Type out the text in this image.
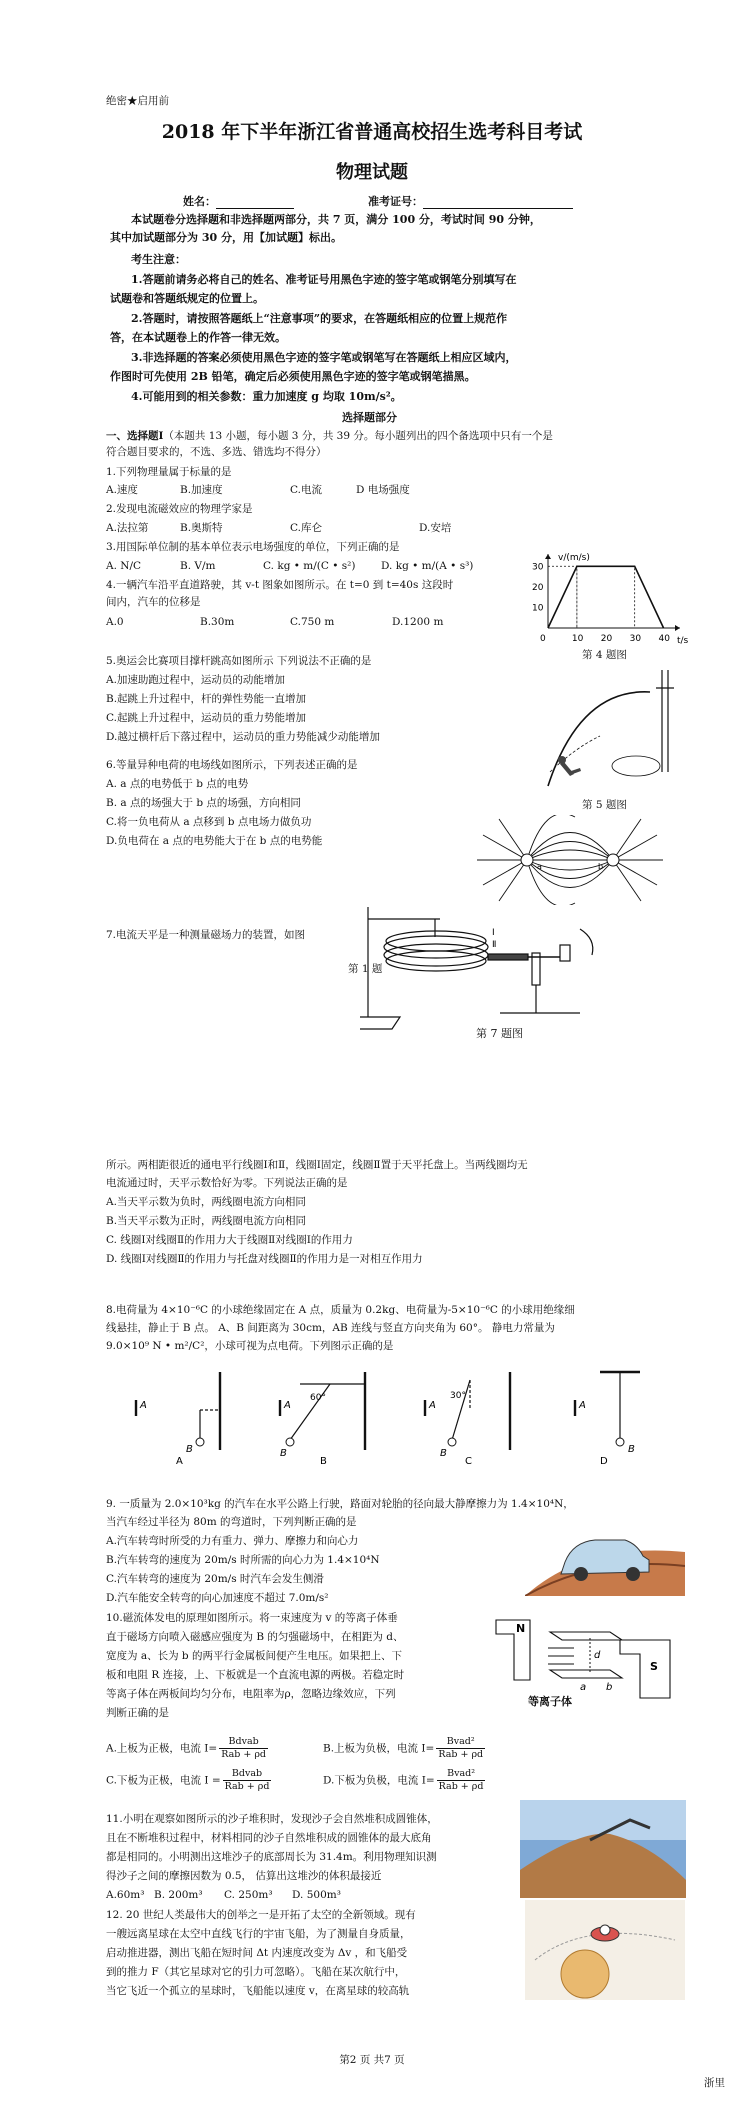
绝密★启用前
2018 年下半年浙江省普通高校招生选考科目考试
物理试题
姓名：	准考证号：
本试题卷分选择题和非选择题两部分，共 7 页，满分 100 分，考试时间 90 分钟，
其中加试题部分为 30 分，用【加试题】标出。
考生注意：
1.答题前请务必将自己的姓名、准考证号用黑色字迹的签字笔或钢笔分别填写在
试题卷和答题纸规定的位置上。
2.答题时，请按照答题纸上“注意事项”的要求，在答题纸相应的位置上规范作
答，在本试题卷上的作答一律无效。
3.非选择题的答案必须使用黑色字迹的签字笔或钢笔写在答题纸上相应区域内，
作图时可先使用 2B 铅笔，确定后必须使用黑色字迹的签字笔或钢笔描黑。
4.可能用到的相关参数：重力加速度 g 均取 10m/s²。
选择题部分
一、选择题Ⅰ（本题共 13 小题，每小题 3 分，共 39 分。每小题列出的四个备选项中只有一个是
符合题目要求的，不选、多选、错选均不得分）
1.下列物理量属于标量的是
A.速度	B.加速度	C.电流	D 电场强度
2.发现电流磁效应的物理学家是
A.法拉第	B.奥斯特	C.库仑	D.安培
3.用国际单位制的基本单位表示电场强度的单位，下列正确的是
A. N/C	B. V/m	C. kg • m/(C • s²) D. kg • m/(A • s³)
4.一辆汽车沿平直道路驶，其 v-t 图象如图所示。在 t=0 到 t=40s 这段时
间内，汽车的位移是
A.0	B.30m	C.750 m	D.1200 m
v/(m/s)
t/s
0
30
20
10
10 20 30 40
第 4 题图
5.奥运会比赛项目撑杆跳高如图所示 下列说法不正确的是
A.加速助跑过程中，运动员的动能增加
B.起跳上升过程中，杆的弹性势能一直增加
C.起跳上升过程中，运动员的重力势能增加
D.越过横杆后下落过程中，运动员的重力势能减少动能增加
第 5 题图
6.等量异种电荷的电场线如图所示，下列表述正确的是
A. a 点的电势低于 b 点的电势
B. a 点的场强大于 b 点的场强，方向相同
C.将一负电荷从 a 点移到 b 点电场力做负功
D.负电荷在 a 点的电势能大于在 b 点的电势能
a	b
7.电流天平是一种测量磁场力的装置，如图
第 1 题
Ⅰ
Ⅱ
第 7 题图
所示。两相距很近的通电平行线圈Ⅰ和Ⅱ，线圈Ⅰ固定，线圈Ⅱ置于天平托盘上。当两线圈均无
电流通过时，天平示数恰好为零。下列说法正确的是
A.当天平示数为负时，两线圈电流方向相同
B.当天平示数为正时，两线圈电流方向相同
C. 线圈Ⅰ对线圈Ⅱ的作用力大于线圈Ⅱ对线圈Ⅰ的作用力
D. 线圈Ⅰ对线圈Ⅱ的作用力与托盘对线圈Ⅱ的作用力是一对相互作用力
8.电荷量为 4×10⁻⁶C 的小球绝缘固定在 A 点，质量为 0.2kg、电荷量为-5×10⁻⁶C 的小球用绝缘细
线悬挂，静止于 B 点。 A、B 间距离为 30cm，AB 连线与竖直方向夹角为 60°。 静电力常量为
9.0×10⁹ N • m²/C²，小球可视为点电荷。下列图示正确的是
A
B
A
B
A
B
A
B
60°	30°
A	B	C	D
9. 一质量为 2.0×10³kg 的汽车在水平公路上行驶，路面对轮胎的径向最大静摩擦力为 1.4×10⁴N，
当汽车经过半径为 80m 的弯道时，下列判断正确的是
A.汽车转弯时所受的力有重力、弹力、摩擦力和向心力
B.汽车转弯的速度为 20m/s 时所需的向心力为 1.4×10⁴N
C.汽车转弯的速度为 20m/s 时汽车会发生侧滑
D.汽车能安全转弯的向心加速度不超过 7.0m/s²
10.磁流体发电的原理如图所示。将一束速度为 v 的等离子体垂
直于磁场方向喷入磁感应强度为 B 的匀强磁场中，在相距为 d、
宽度为 a、长为 b 的两平行金属板间便产生电压。如果把上、下
板和电阻 R 连接，上、下板就是一个直流电源的两极。若稳定时
等离子体在两板间均匀分布，电阻率为ρ，忽略边缘效应，下列
判断正确的是
N
S
d
a b
等离子体
A.上板为正极，电流 $I= \frac{\text{Bdvab}}{\text{Rab + ρd}}$	B.上板为负极，电流 $I= \frac{\text{Bvad²}}{\text{Rab + ρd}}$
C.下板为正极，电流 $I = \frac{\text{Bdvab}}{\text{Rab + ρd}}$	D.下板为负极，电流 $I= \frac{\text{Bvad²}}{\text{Rab + ρd}}$
11.小明在观察如图所示的沙子堆积时，发现沙子会自然堆积成圆锥体，
且在不断堆积过程中，材料相同的沙子自然堆积成的圆锥体的最大底角
都是相同的。小明测出这堆沙子的底部周长为 31.4m。利用物理知识测
得沙子之间的摩擦因数为 0.5， 估算出这堆沙的体积最接近
A.60m³ B. 200m³ C. 250m³ D. 500m³
12. 20 世纪人类最伟大的创举之一是开拓了太空的全新领域。现有
一艘远离星球在太空中直线飞行的宇宙飞船，为了测量自身质量，
启动推进器，测出飞船在短时间 Δt 内速度改变为 Δv ，和飞船受
到的推力 F（其它星球对它的引力可忽略）。飞船在某次航行中，
当它飞近一个孤立的星球时，飞船能以速度 v，在离星球的较高轨
第2 页 共7 页
浙里
